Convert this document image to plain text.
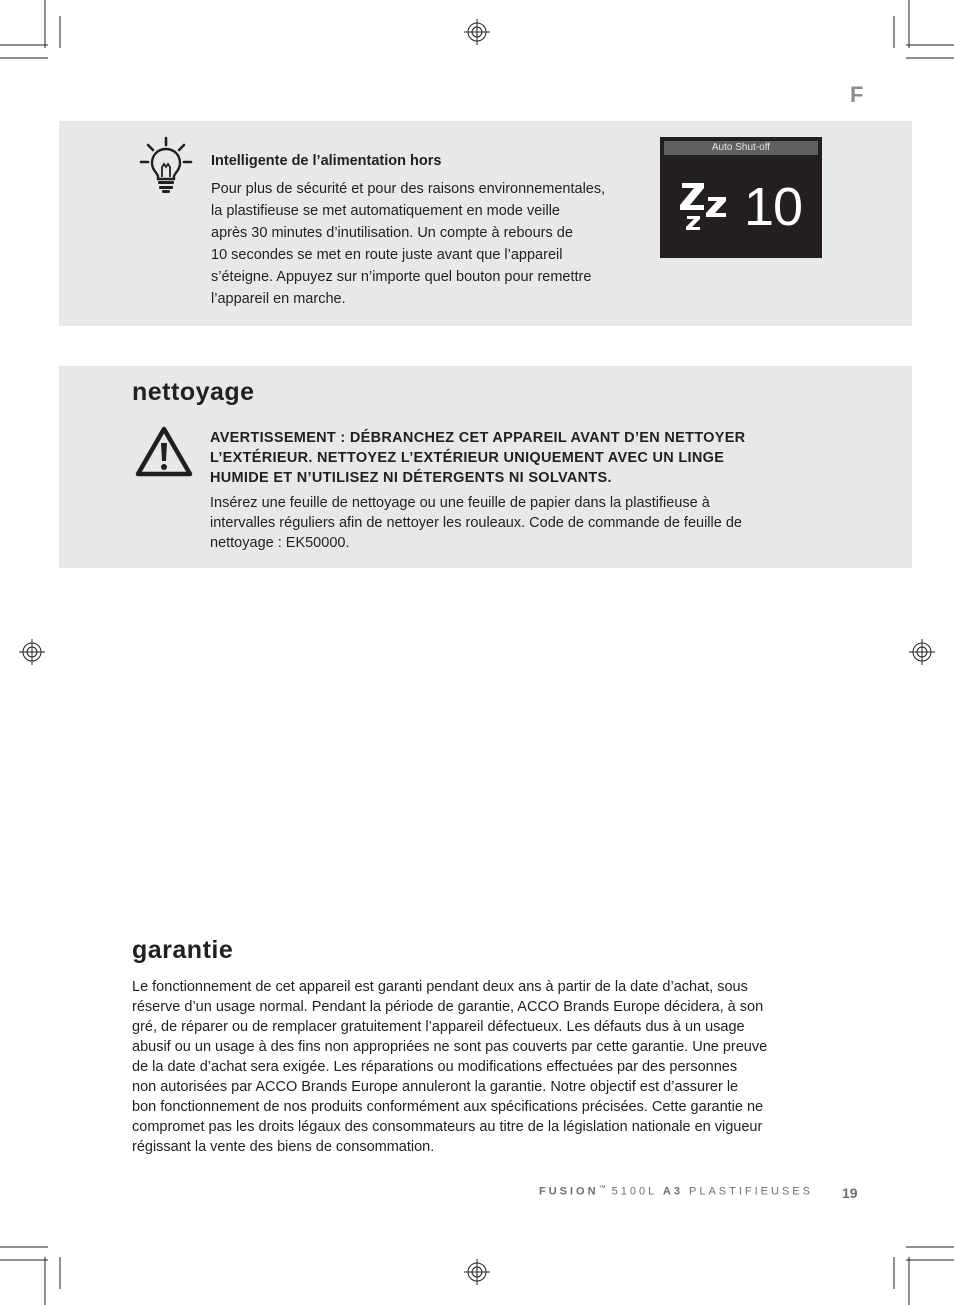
F
Intelligente de l’alimentation hors

Pour plus de sécurité et pour des raisons environnementales,
la plastifieuse se met automatiquement en mode veille
après 30 minutes d’inutilisation. Un compte à rebours de
10 secondes se met en route juste avant que l’appareil
s’éteigne. Appuyez sur n’importe quel bouton pour remettre
l’appareil en marche.

Auto Shut-off
10
nettoyage

AVERTISSEMENT : DÉBRANCHEZ CET APPAREIL AVANT D’EN NETTOYER
L’EXTÉRIEUR. NETTOYEZ L’EXTÉRIEUR UNIQUEMENT AVEC UN LINGE
HUMIDE ET N’UTILISEZ NI DÉTERGENTS NI SOLVANTS.

Insérez une feuille de nettoyage ou une feuille de papier dans la plastifieuse à
intervalles réguliers afin de nettoyer les rouleaux. Code de commande de feuille de
nettoyage : EK50000.

garantie

Le fonctionnement de cet appareil est garanti pendant deux ans à partir de la date d’achat, sous
réserve d’un usage normal. Pendant la période de garantie, ACCO Brands Europe décidera, à son
gré, de réparer ou de remplacer gratuitement l’appareil défectueux. Les défauts dus à un usage
abusif ou un usage à des fins non appropriées ne sont pas couverts par cette garantie. Une preuve
de la date d’achat sera exigée. Les réparations ou modifications effectuées par des personnes
non autorisées par ACCO Brands Europe annuleront la garantie. Notre objectif est d’assurer le
bon fonctionnement de nos produits conformément aux spécifications précisées. Cette garantie ne
compromet pas les droits légaux des consommateurs au titre de la législation nationale en vigueur
régissant la vente des biens de consommation.

FUSION™ 5100L A3 PLASTIFIEUSES 19
